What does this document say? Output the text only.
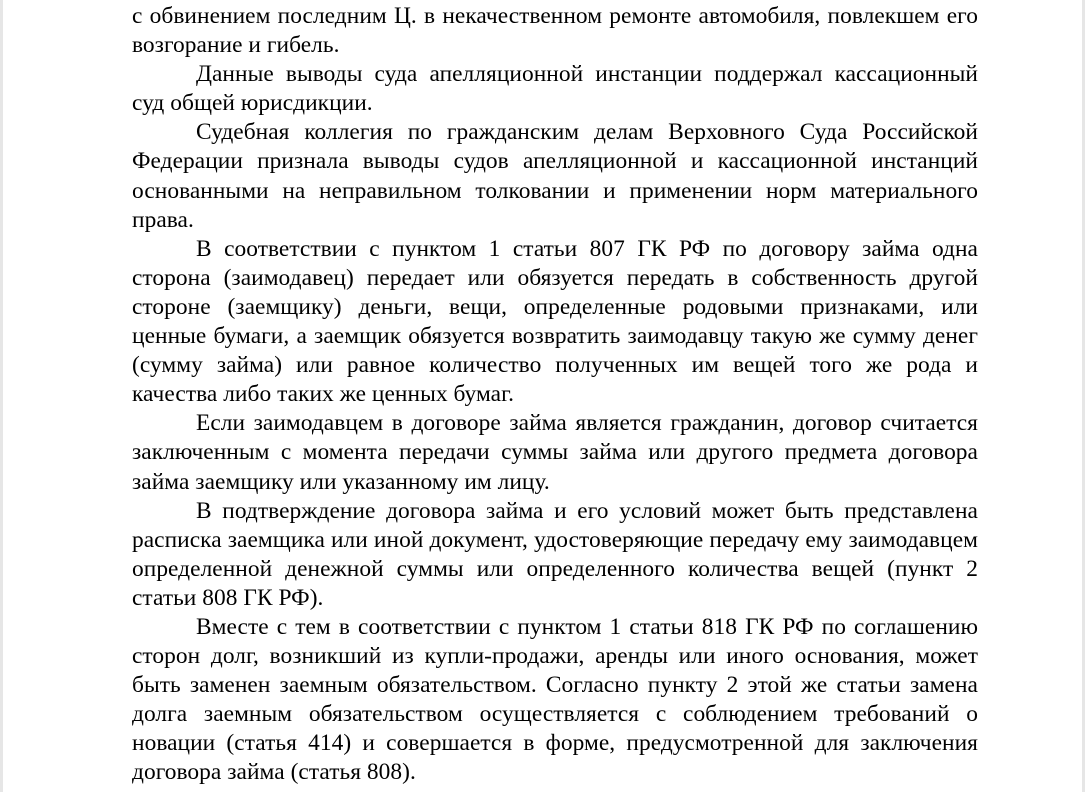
с обвинением последним Ц. в некачественном ремонте автомобиля, повлекшем его возгорание и гибель.

Данные выводы суда апелляционной инстанции поддержал кассационный суд общей юрисдикции.

Судебная коллегия по гражданским делам Верховного Суда Российской Федерации признала выводы судов апелляционной и кассационной инстанций основанными на неправильном толковании и применении норм материального права.

В соответствии с пунктом 1 статьи 807 ГК РФ по договору займа одна сторона (заимодавец) передает или обязуется передать в собственность другой стороне (заемщику) деньги, вещи, определенные родовыми признаками, или ценные бумаги, а заемщик обязуется возвратить заимодавцу такую же сумму денег (сумму займа) или равное количество полученных им вещей того же рода и качества либо таких же ценных бумаг.

Если заимодавцем в договоре займа является гражданин, договор считается заключенным с момента передачи суммы займа или другого предмета договора займа заемщику или указанному им лицу.

В подтверждение договора займа и его условий может быть представлена расписка заемщика или иной документ, удостоверяющие передачу ему заимодавцем определенной денежной суммы или определенного количества вещей (пункт 2 статьи 808 ГК РФ).

Вместе с тем в соответствии с пунктом 1 статьи 818 ГК РФ по соглашению сторон долг, возникший из купли-продажи, аренды или иного основания, может быть заменен заемным обязательством. Согласно пункту 2 этой же статьи замена долга заемным обязательством осуществляется с соблюдением требований о новации (статья 414) и совершается в форме, предусмотренной для заключения договора займа (статья 808).
